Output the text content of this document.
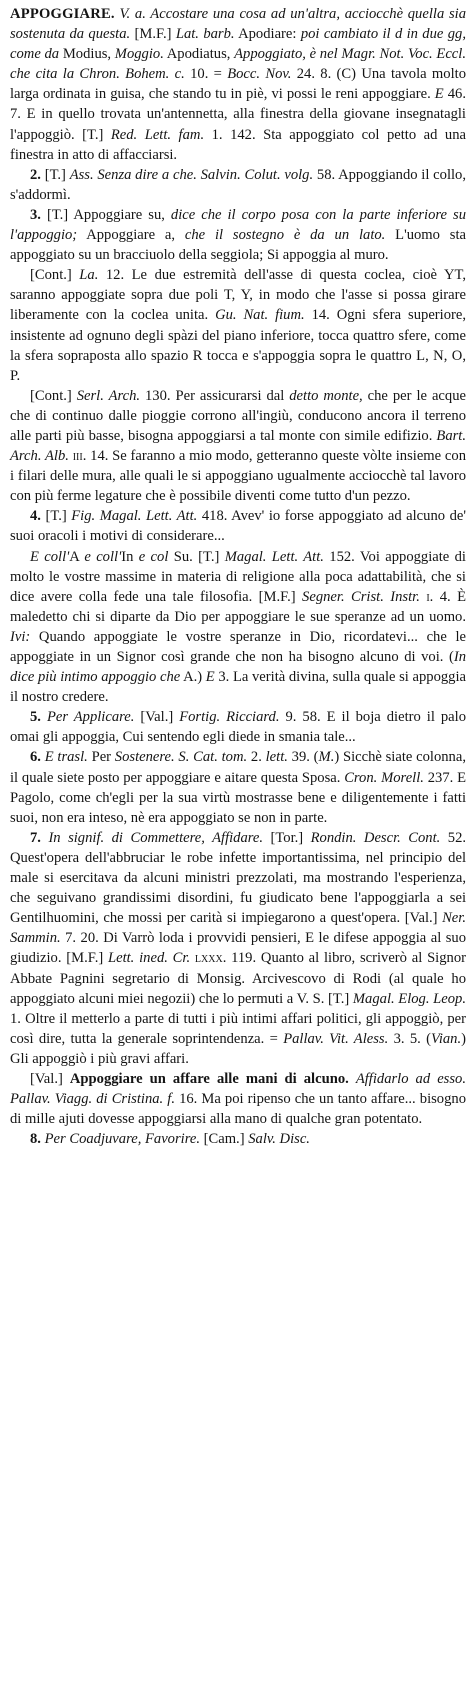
APPOGGIARE. V. a. Accostare una cosa ad un'altra, acciocchè quella sia sostenuta da questa. [M.F.] Lat. barb. Apodiare: poi cambiato il d in due gg, come da Modius, Moggio. Apodiatus, Appoggiato, è nel Magr. Not. Voc. Eccl. che cita la Chron. Bohem. c. 10. = Bocc. Nov. 24. 8. (C) Una tavola molto larga ordinata in guisa, che stando tu in piè, vi possi le reni appoggiare. E 46. 7. E in quello trovata un'antennetta, alla finestra della giovane insegnatagli l'appoggiò. [T.] Red. Lett. fam. 1. 142. Sta appoggiato col petto ad una finestra in atto di affacciarsi.

2. [T.] Ass. Senza dire a che. Salvin. Colut. volg. 58. Appoggiando il collo, s'addormì.

3. [T.] Appoggiare su, dice che il corpo posa con la parte inferiore su l'appoggio; Appoggiare a, che il sostegno è da un lato. L'uomo sta appoggiato su un bracciuolo della seggiola; Si appoggia al muro.

[Cont.] La. 12. Le due estremità dell'asse di questa coclea, cioè YT, saranno appoggiate sopra due poli T, Y, in modo che l'asse si possa girare liberamente con la coclea unita. Gu. Nat. fium. 14. Ogni sfera superiore, insistente ad ognuno degli spàzi del piano inferiore, tocca quattro sfere, come la sfera sopraposta allo spazio R tocca e s'appoggia sopra le quattro L, N, O, P.

[Cont.] Serl. Arch. 130. Per assicurarsi dal detto monte, che per le acque che di continuo dalle pioggie corrono all'ingiù, conducono ancora il terreno alle parti più basse, bisogna appoggiarsi a tal monte con simile edifizio. Bart. Arch. Alb. iii. 14. Se faranno a mio modo, getteranno queste vòlte insieme con i filari delle mura, alle quali le si appoggiano ugualmente acciocchè tal lavoro con più ferme legature che è possibile diventi come tutto d'un pezzo.

4. [T.] Fig. Magal. Lett. Att. 418. Avev' io forse appoggiato ad alcuno de' suoi oracoli i motivi di considerare...

E coll'A e coll'In e col Su. [T.] Magal. Lett. Att. 152. Voi appoggiate di molto le vostre massime in materia di religione alla poca adattabilità, che si dice avere colla fede una tale filosofia. [M.F.] Segner. Crist. Instr. i. 4. È maledetto chi si diparte da Dio per appoggiare le sue speranze ad un uomo. Ivi: Quando appoggiate le vostre speranze in Dio, ricordatevi... che le appoggiate in un Signor così grande che non ha bisogno alcuno di voi. (In dice più intimo appoggio che A.) E 3. La verità divina, sulla quale si appoggia il nostro credere.

5. Per Applicare. [Val.] Fortig. Ricciard. 9. 58. E il boja dietro il palo omai gli appoggia, Cui sentendo egli diede in smania tale...

6. E trasl. Per Sostenere. S. Cat. tom. 2. lett. 39. (M.) Sicchè siate colonna, il quale siete posto per appoggiare e aitare questa Sposa. Cron. Morell. 237. E Pagolo, come ch'egli per la sua virtù mostrasse bene e diligentemente i fatti suoi, non era inteso, nè era appoggiato se non in parte.

7. In signif. di Commettere, Affidare. [Tor.] Rondin. Descr. Cont. 52. Quest'opera dell'abbruciar le robe infette importantissima, nel principio del male si esercitava da alcuni ministri prezzolati, ma mostrando l'esperienza, che seguivano grandissimi disordini, fu giudicato bene l'appoggiarla a sei Gentilhuomini, che mossi per carità si impiegarono a quest'opera. [Val.] Ner. Sammin. 7. 20. Di Varrò loda i provvidi pensieri, E le difese appoggia al suo giudizio. [M.F.] Lett. ined. Cr. lxxx. 119. Quanto al libro, scriverò al Signor Abbate Pagnini segretario di Monsig. Arcivescovo di Rodi (al quale ho appoggiato alcuni miei negozii) che lo permuti a V. S. [T.] Magal. Elog. Leop. 1. Oltre il metterlo a parte di tutti i più intimi affari politici, gli appoggiò, per così dire, tutta la generale soprintendenza. = Pallav. Vit. Aless. 3. 5. (Vian.) Gli appoggiò i più gravi affari.

[Val.] Appoggiare un affare alle mani di alcuno. Affidarlo ad esso. Pallav. Viagg. di Cristina. f. 16. Ma poi ripenso che un tanto affare... bisogno di mille ajuti dovesse appoggiarsi alla mano di qualche gran potentato.

8. Per Coadjuvare, Favorire. [Cam.] Salv. Disc.
